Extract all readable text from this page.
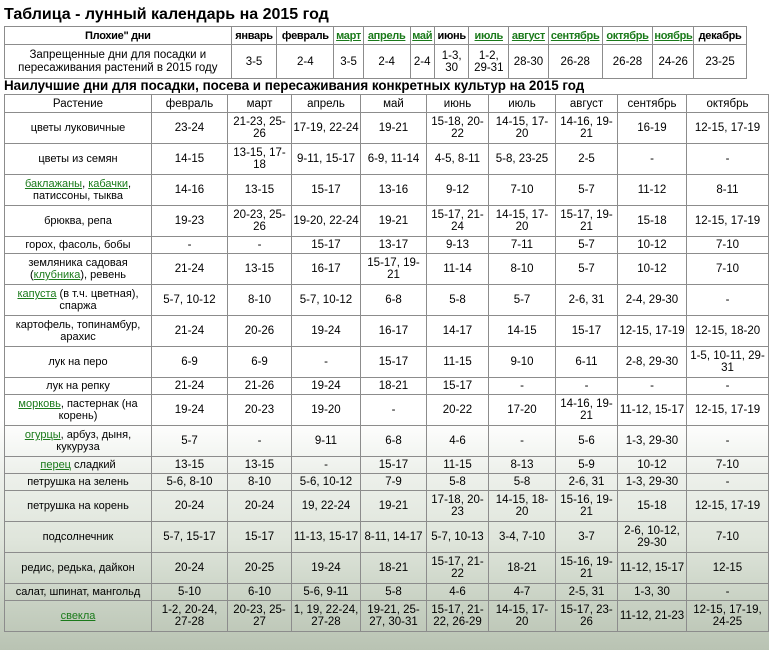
Таблица - лунный календарь на 2015 год
Плохие" дни	январь	февраль	март	апрель	май	июнь	июль	август	сентябрь	октябрь	ноябрь	декабрь
Запрещенные дни для посадки и пересаживания растений в 2015 году	3-5	2-4	3-5	2-4	2-4	1-3, 30	1-2, 29-31	28-30	26-28	26-28	24-26	23-25
Наилучшие дни для посадки, посева и пересаживания конкретных культур на 2015 год
Растение	февраль	март	апрель	май	июнь	июль	август	сентябрь	октябрь
цветы луковичные	23-24	21-23, 25-26	17-19, 22-24	19-21	15-18, 20-22	14-15, 17-20	14-16, 19-21	16-19	12-15, 17-19
цветы из семян	14-15	13-15, 17-18	9-11, 15-17	6-9, 11-14	4-5, 8-11	5-8, 23-25	2-5	-	-
баклажаны, кабачки, патиссоны, тыква	14-16	13-15	15-17	13-16	9-12	7-10	5-7	11-12	8-11
брюква, репа	19-23	20-23, 25-26	19-20, 22-24	19-21	15-17, 21-24	14-15, 17-20	15-17, 19-21	15-18	12-15, 17-19
горох, фасоль, бобы	-	-	15-17	13-17	9-13	7-11	5-7	10-12	7-10
земляника садовая (клубника), ревень	21-24	13-15	16-17	15-17, 19-21	11-14	8-10	5-7	10-12	7-10
капуста (в т.ч. цветная), спаржа	5-7, 10-12	8-10	5-7, 10-12	6-8	5-8	5-7	2-6, 31	2-4, 29-30	-
картофель, топинамбур, арахис	21-24	20-26	19-24	16-17	14-17	14-15	15-17	12-15, 17-19	12-15, 18-20
лук на перо	6-9	6-9	-	15-17	11-15	9-10	6-11	2-8, 29-30	1-5, 10-11, 29-31
лук на репку	21-24	21-26	19-24	18-21	15-17	-	-	-	-
морковь, пастернак (на корень)	19-24	20-23	19-20	-	20-22	17-20	14-16, 19-21	11-12, 15-17	12-15, 17-19
огурцы, арбуз, дыня, кукуруза	5-7	-	9-11	6-8	4-6	-	5-6	1-3, 29-30	-
перец сладкий	13-15	13-15	-	15-17	11-15	8-13	5-9	10-12	7-10
петрушка на зелень	5-6, 8-10	8-10	5-6, 10-12	7-9	5-8	5-8	2-6, 31	1-3, 29-30	-
петрушка на корень	20-24	20-24	19, 22-24	19-21	17-18, 20-23	14-15, 18-20	15-16, 19-21	15-18	12-15, 17-19
подсолнечник	5-7, 15-17	15-17	11-13, 15-17	8-11, 14-17	5-7, 10-13	3-4, 7-10	3-7	2-6, 10-12, 29-30	7-10
редис, редька, дайкон	20-24	20-25	19-24	18-21	15-17, 21-22	18-21	15-16, 19-21	11-12, 15-17	12-15
салат, шпинат, мангольд	5-10	6-10	5-6, 9-11	5-8	4-6	4-7	2-5, 31	1-3, 30	-
свекла	1-2, 20-24, 27-28	20-23, 25-27	1, 19, 22-24, 27-28	19-21, 25-27, 30-31	15-17, 21-22, 26-29	14-15, 17-20	15-17, 23-26	11-12, 21-23	12-15, 17-19, 24-25
